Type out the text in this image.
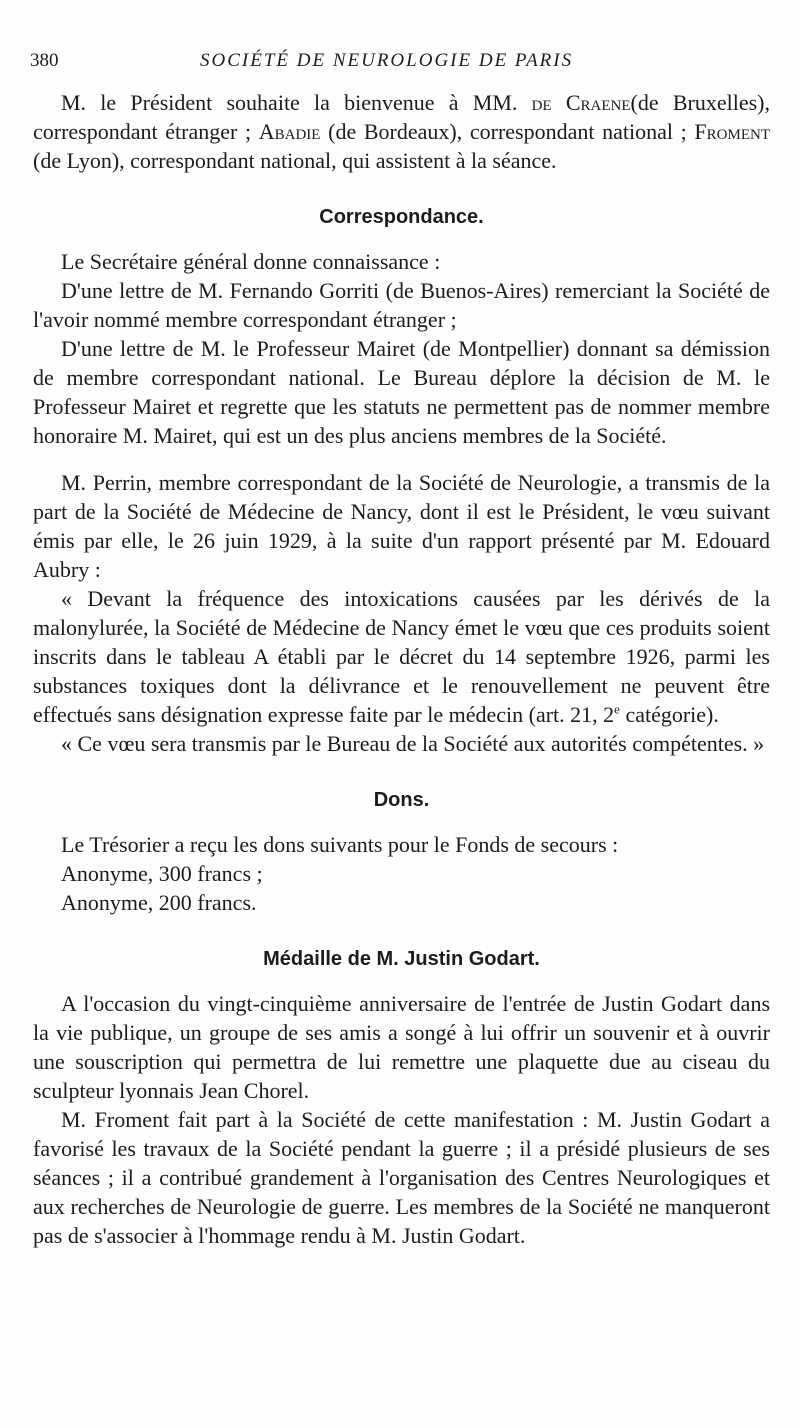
380	SOCIÉTÉ DE NEUROLOGIE DE PARIS

M. le Président souhaite la bienvenue à MM. de Craene(de Bruxelles), correspondant étranger ; Abadie (de Bordeaux), correspondant national ; Froment (de Lyon), correspondant national, qui assistent à la séance.

Correspondance.

Le Secrétaire général donne connaissance :

D'une lettre de M. Fernando Gorriti (de Buenos-Aires) remerciant la Société de l'avoir nommé membre correspondant étranger ;

D'une lettre de M. le Professeur Mairet (de Montpellier) donnant sa démission de membre correspondant national. Le Bureau déplore la décision de M. le Professeur Mairet et regrette que les statuts ne permettent pas de nommer membre honoraire M. Mairet, qui est un des plus anciens membres de la Société.

M. Perrin, membre correspondant de la Société de Neurologie, a transmis de la part de la Société de Médecine de Nancy, dont il est le Président, le vœu suivant émis par elle, le 26 juin 1929, à la suite d'un rapport présenté par M. Edouard Aubry :

« Devant la fréquence des intoxications causées par les dérivés de la malonylurée, la Société de Médecine de Nancy émet le vœu que ces produits soient inscrits dans le tableau A établi par le décret du 14 septembre 1926, parmi les substances toxiques dont la délivrance et le renouvellement ne peuvent être effectués sans désignation expresse faite par le médecin (art. 21, 2e catégorie).

« Ce vœu sera transmis par le Bureau de la Société aux autorités compétentes. »

Dons.

Le Trésorier a reçu les dons suivants pour le Fonds de secours :

Anonyme, 300 francs ;

Anonyme, 200 francs.

Médaille de M. Justin Godart.

A l'occasion du vingt-cinquième anniversaire de l'entrée de Justin Godart dans la vie publique, un groupe de ses amis a songé à lui offrir un souvenir et à ouvrir une souscription qui permettra de lui remettre une plaquette due au ciseau du sculpteur lyonnais Jean Chorel.

M. Froment fait part à la Société de cette manifestation : M. Justin Godart a favorisé les travaux de la Société pendant la guerre ; il a présidé plusieurs de ses séances ; il a contribué grandement à l'organisation des Centres Neurologiques et aux recherches de Neurologie de guerre. Les membres de la Société ne manqueront pas de s'associer à l'hommage rendu à M. Justin Godart.
